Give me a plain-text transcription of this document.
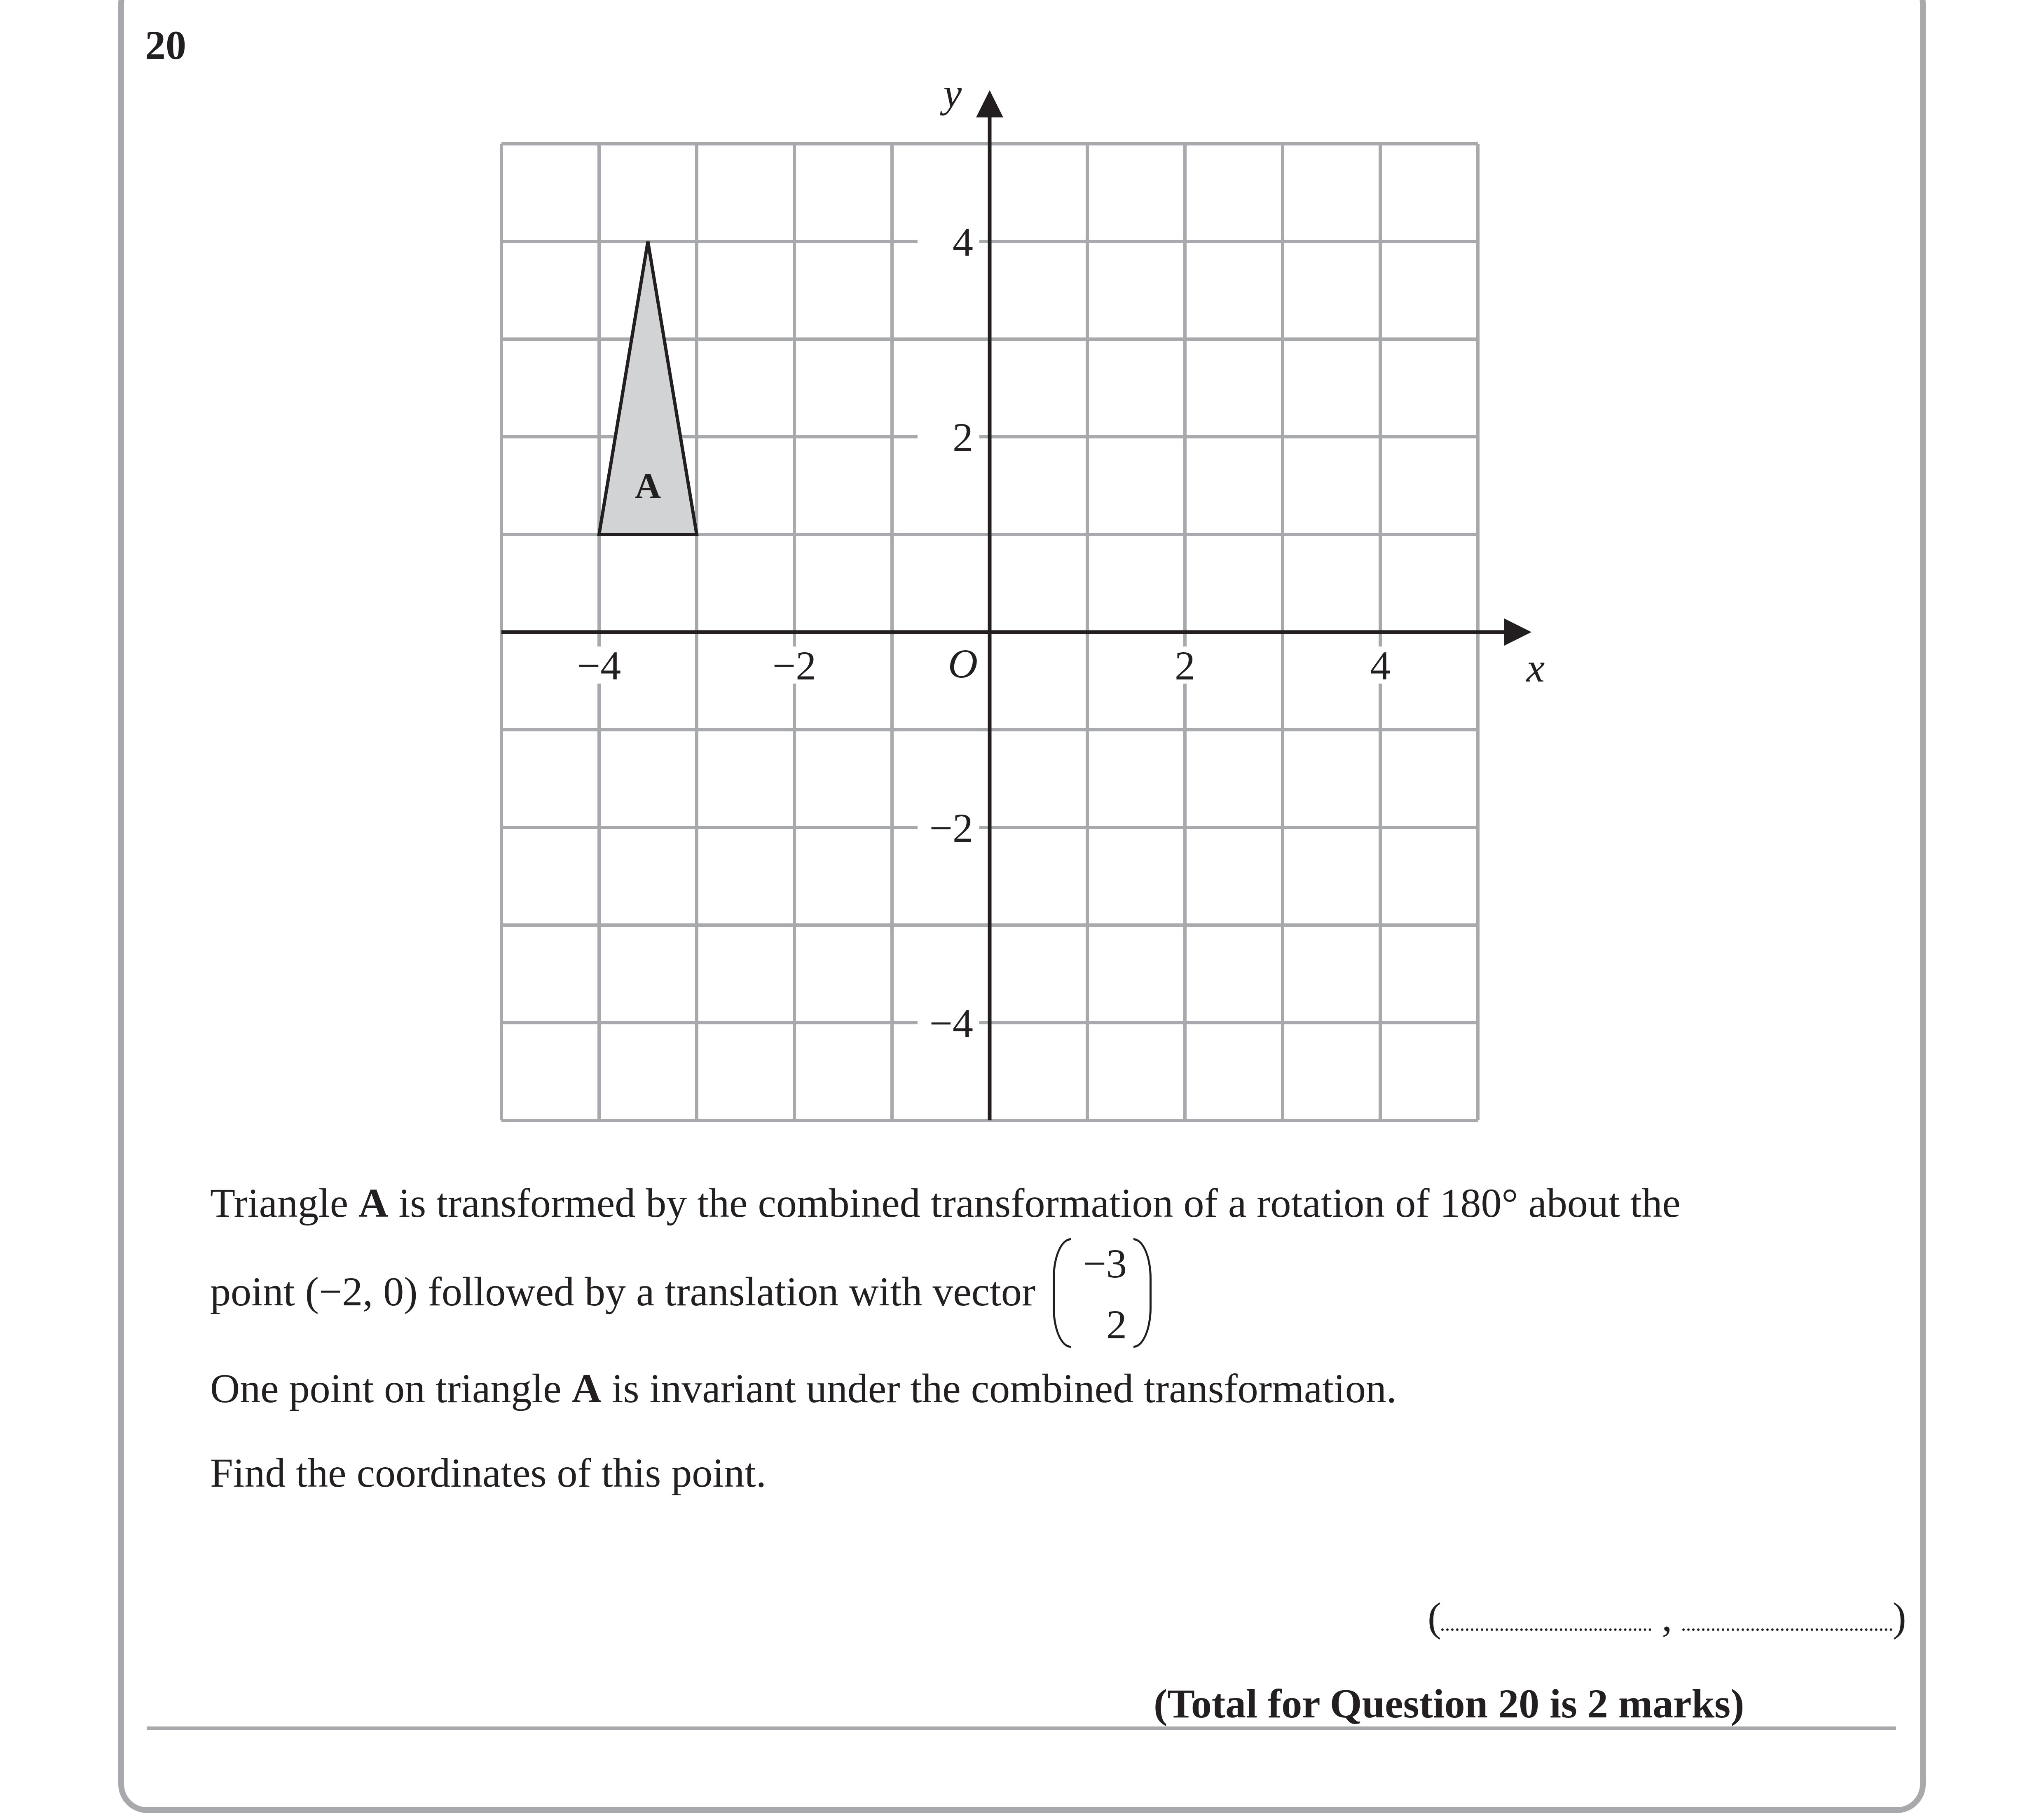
20
A
x
y
O
−4	−2	2	4
4
2
−2
−4
Triangle A is transformed by the combined transformation of a rotation of 180° about the
point (−2, 0) followed by a translation with vector
−3
2
One point on triangle A is invariant under the combined transformation.
Find the coordinates of this point.
(	,	)
(Total for Question 20 is 2 marks)
